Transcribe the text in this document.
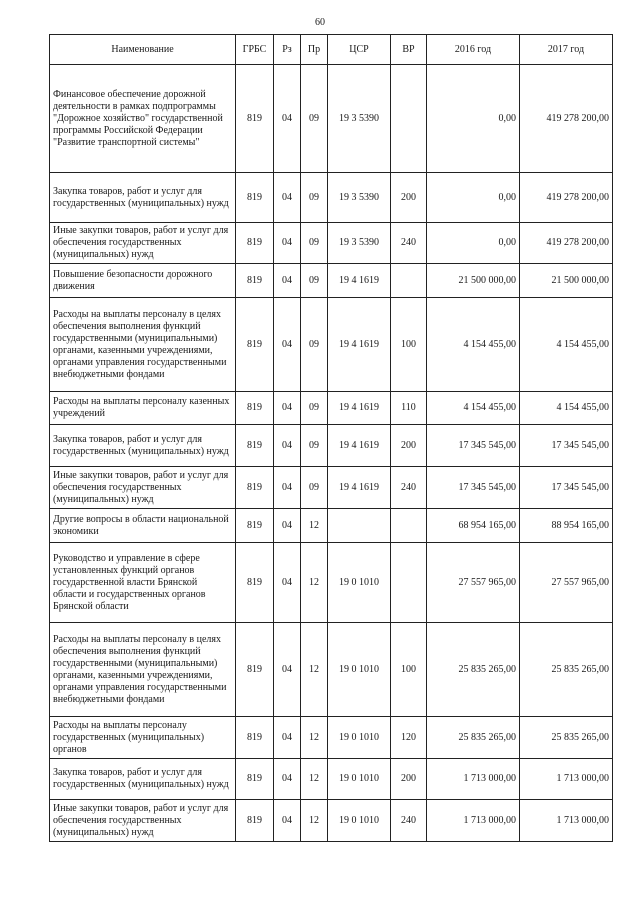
60
Наименование	ГРБС	Рз	Пр	ЦСР	ВР	2016 год	2017 год
Финансовое обеспечение дорожной деятельности в рамках подпрограммы "Дорожное хозяйство" государственной программы Российской Федерации "Развитие транспортной системы"	819	04	09	19 3 5390		0,00	419 278 200,00
Закупка товаров, работ и услуг для государственных (муниципальных) нужд	819	04	09	19 3 5390	200	0,00	419 278 200,00
Иные закупки товаров, работ и услуг для обеспечения государственных (муниципальных) нужд	819	04	09	19 3 5390	240	0,00	419 278 200,00
Повышение безопасности дорожного движения	819	04	09	19 4 1619		21 500 000,00	21 500 000,00
Расходы на выплаты персоналу в целях обеспечения выполнения функций государственными (муниципальными) органами, казенными учреждениями, органами управления государственными внебюджетными фондами	819	04	09	19 4 1619	100	4 154 455,00	4 154 455,00
Расходы на выплаты персоналу казенных учреждений	819	04	09	19 4 1619	110	4 154 455,00	4 154 455,00
Закупка товаров, работ и услуг для государственных (муниципальных) нужд	819	04	09	19 4 1619	200	17 345 545,00	17 345 545,00
Иные закупки товаров, работ и услуг для обеспечения государственных (муниципальных) нужд	819	04	09	19 4 1619	240	17 345 545,00	17 345 545,00
Другие вопросы в области национальной экономики	819	04	12			68 954 165,00	88 954 165,00
Руководство и управление в сфере установленных функций органов государственной власти Брянской области и государственных органов Брянской области	819	04	12	19 0 1010		27 557 965,00	27 557 965,00
Расходы на выплаты персоналу в целях обеспечения выполнения функций государственными (муниципальными) органами, казенными учреждениями, органами управления государственными внебюджетными фондами	819	04	12	19 0 1010	100	25 835 265,00	25 835 265,00
Расходы на выплаты персоналу государственных (муниципальных) органов	819	04	12	19 0 1010	120	25 835 265,00	25 835 265,00
Закупка товаров, работ и услуг для государственных (муниципальных) нужд	819	04	12	19 0 1010	200	1 713 000,00	1 713 000,00
Иные закупки товаров, работ и услуг для обеспечения государственных (муниципальных) нужд	819	04	12	19 0 1010	240	1 713 000,00	1 713 000,00
